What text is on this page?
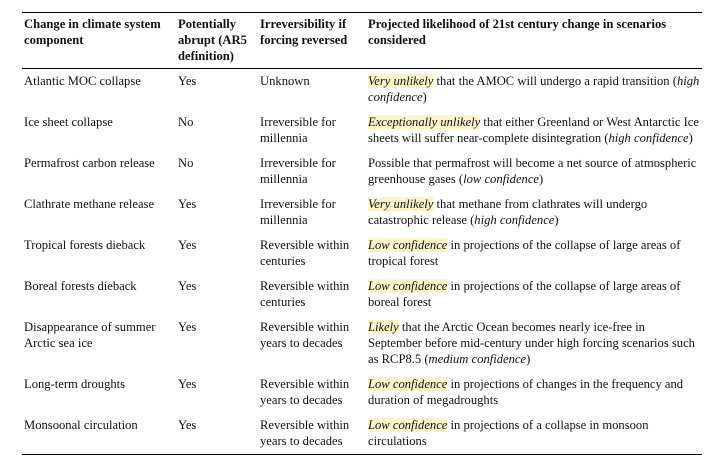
Change in climate system component	Potentially abrupt (AR5 definition)	Irreversibility if forcing reversed	Projected likelihood of 21st century change in scenarios considered
Atlantic MOC collapse	Yes	Unknown	Very unlikely that the AMOC will undergo a rapid transition (high confidence)
Ice sheet collapse	No	Irreversible for millennia	Exceptionally unlikely that either Greenland or West Antarctic Ice sheets will suffer near-complete disintegration (high confidence)
Permafrost carbon release	No	Irreversible for millennia	Possible that permafrost will become a net source of atmospheric greenhouse gases (low confidence)
Clathrate methane release	Yes	Irreversible for millennia	Very unlikely that methane from clathrates will undergo catastrophic release (high confidence)
Tropical forests dieback	Yes	Reversible within centuries	Low confidence in projections of the collapse of large areas of tropical forest
Boreal forests dieback	Yes	Reversible within centuries	Low confidence in projections of the collapse of large areas of boreal forest
Disappearance of summer Arctic sea ice	Yes	Reversible within years to decades	Likely that the Arctic Ocean becomes nearly ice-free in September before mid-century under high forcing scenarios such as RCP8.5 (medium confidence)
Long-term droughts	Yes	Reversible within years to decades	Low confidence in projections of changes in the frequency and duration of megadroughts
Monsoonal circulation	Yes	Reversible within years to decades	Low confidence in projections of a collapse in monsoon circulations
